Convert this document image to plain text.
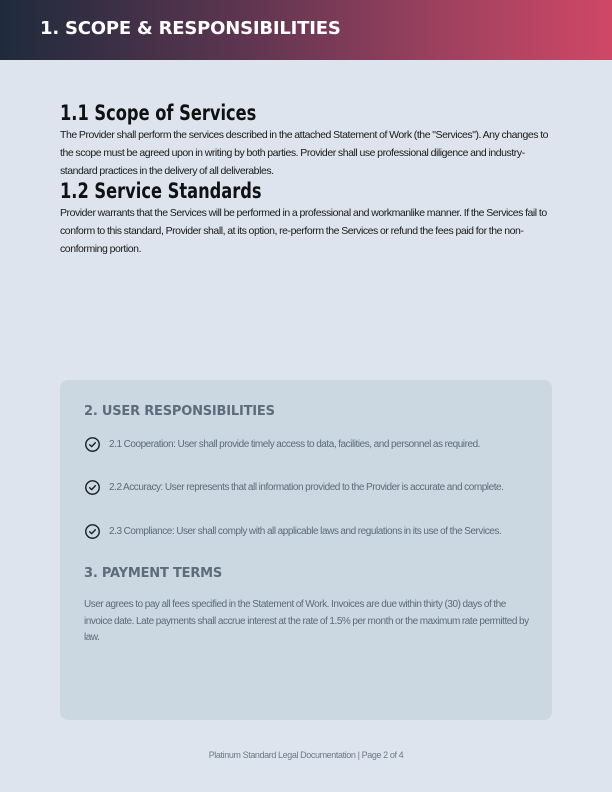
1. SCOPE & RESPONSIBILITIES
1.1 Scope of Services

The Provider shall perform the services described in the attached Statement of Work (the "Services"). Any changes to the scope must be agreed upon in writing by both parties. Provider shall use professional diligence and industry-standard practices in the delivery of all deliverables.

1.2 Service Standards

Provider warrants that the Services will be performed in a professional and workmanlike manner. If the Services fail to conform to this standard, Provider shall, at its option, re-perform the Services or refund the fees paid for the non-conforming portion.

2. USER RESPONSIBILITIES
2.1 Cooperation: User shall provide timely access to data, facilities, and personnel as required.
2.2 Accuracy: User represents that all information provided to the Provider is accurate and complete.
2.3 Compliance: User shall comply with all applicable laws and regulations in its use of the Services.
3. PAYMENT TERMS

User agrees to pay all fees specified in the Statement of Work. Invoices are due within thirty (30) days of the invoice date. Late payments shall accrue interest at the rate of 1.5% per month or the maximum rate permitted by law.

Platinum Standard Legal Documentation | Page 2 of 4
